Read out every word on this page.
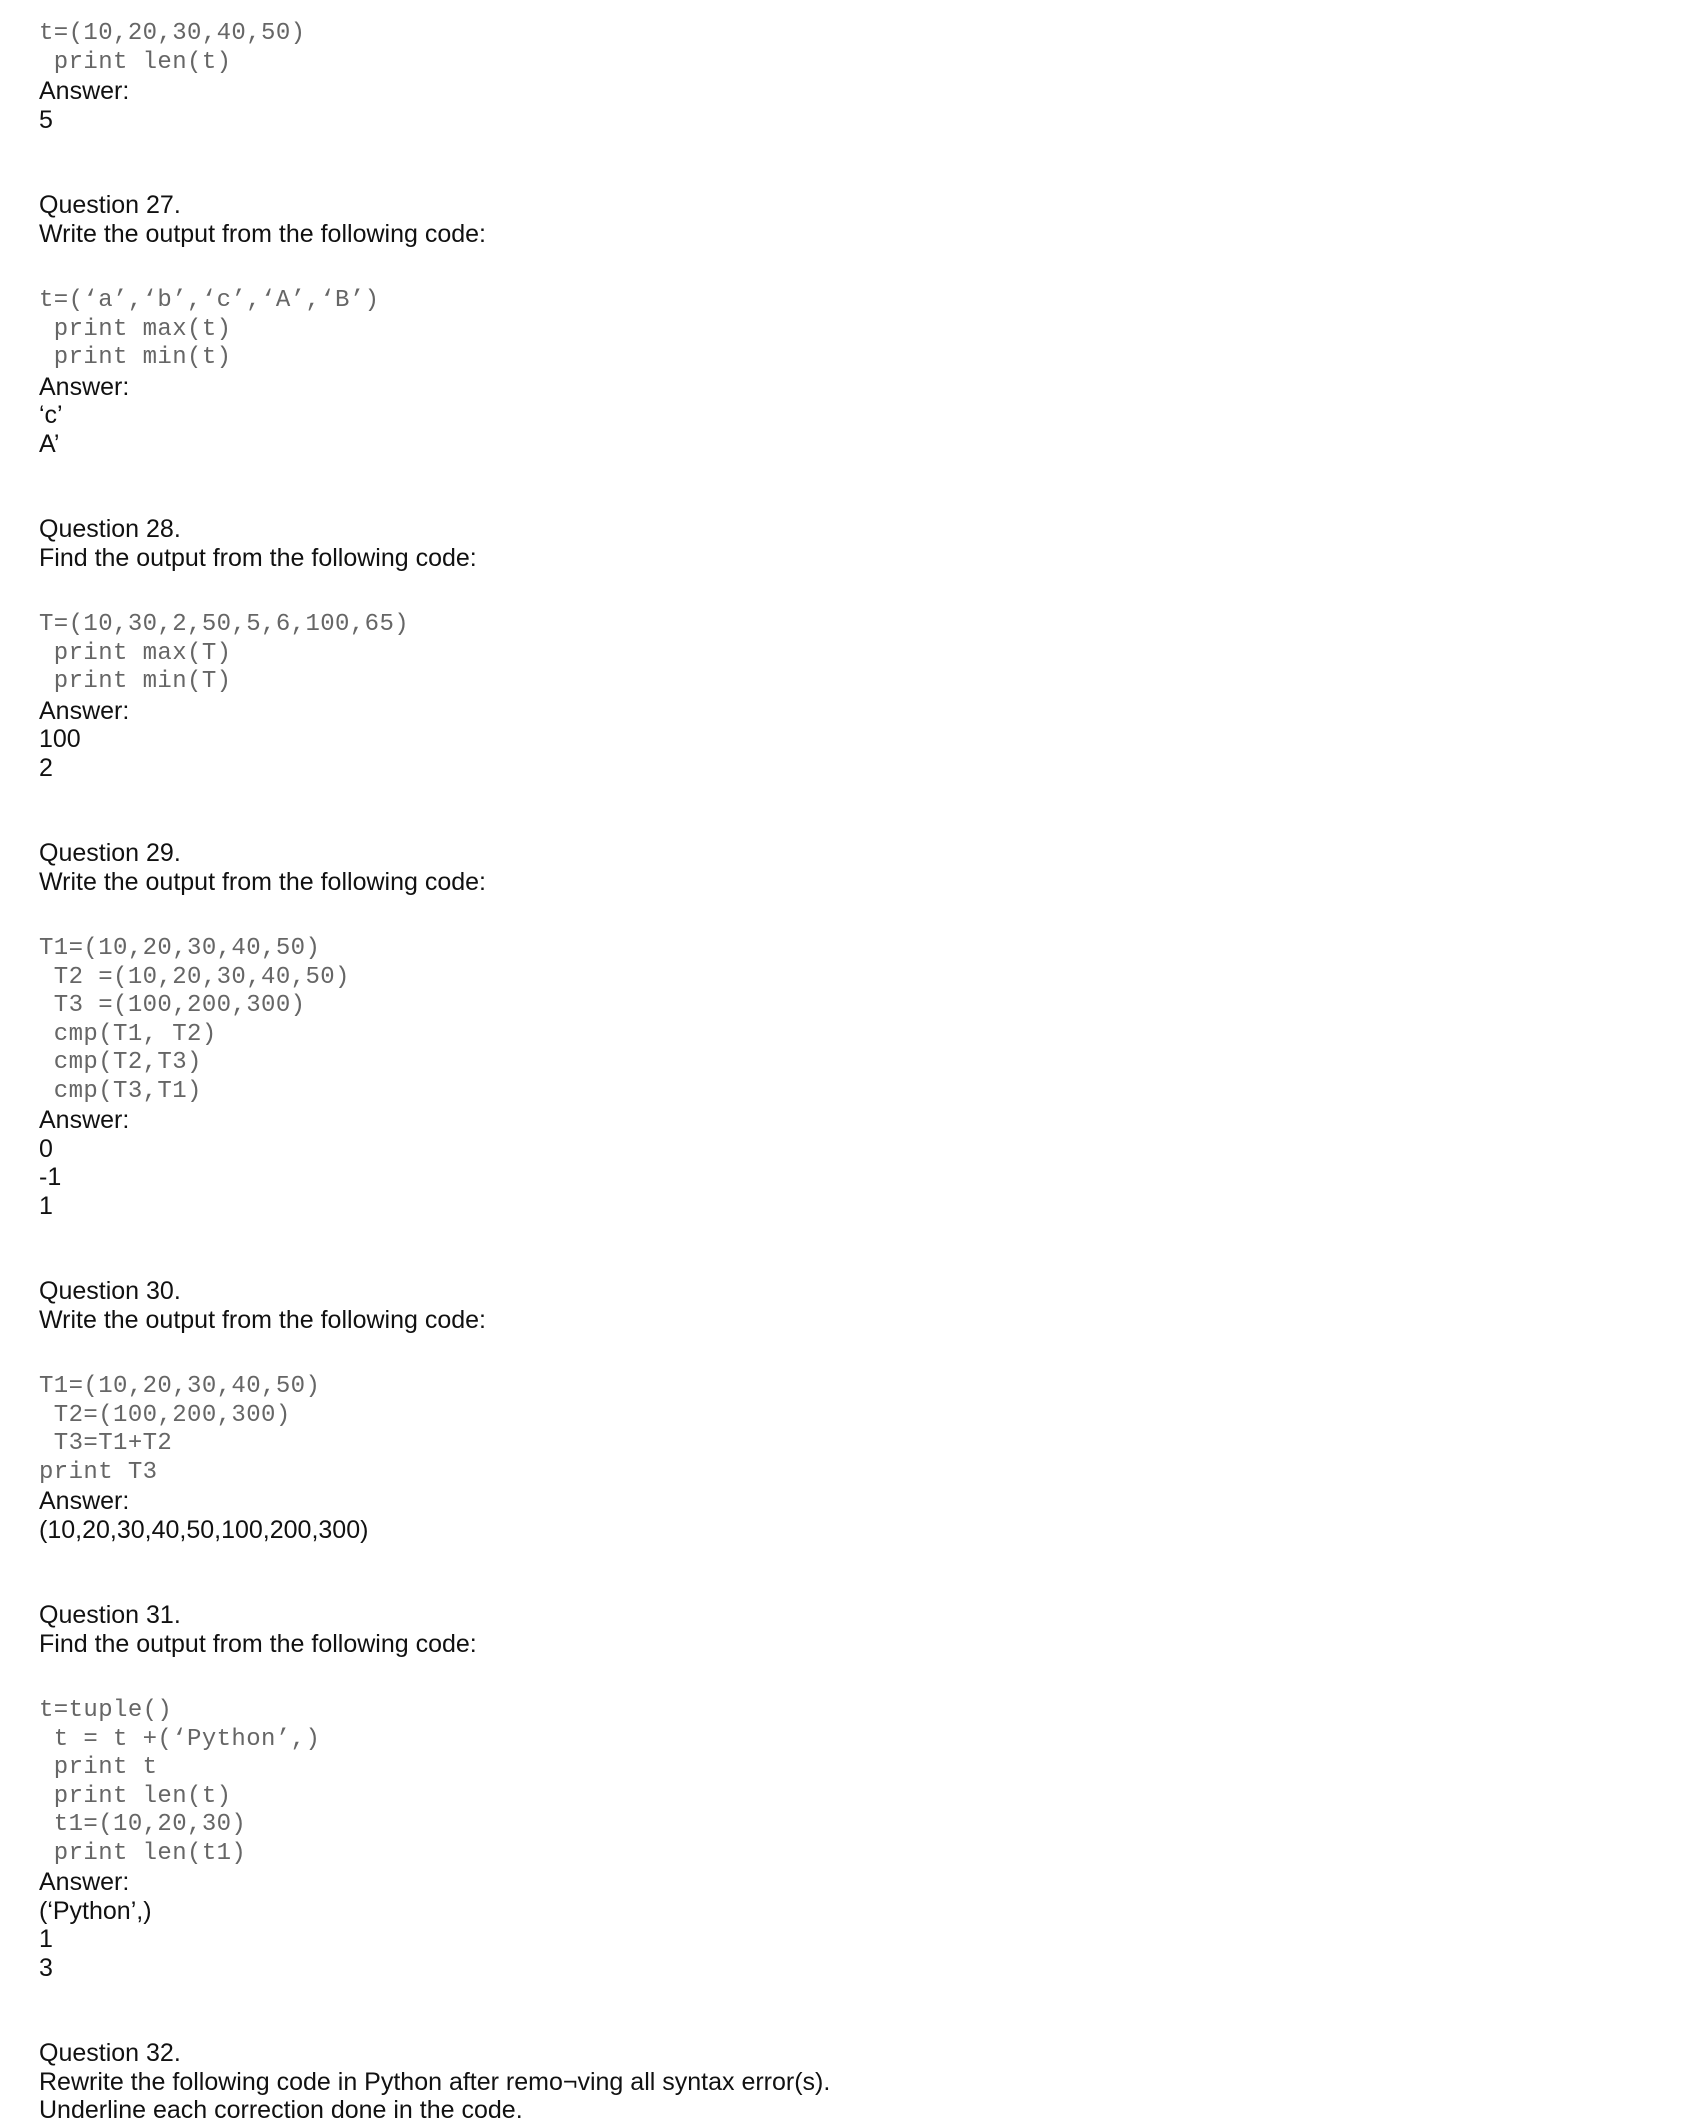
t=(10,20,30,40,50)
print len(t)
Answer:
5
Question 27.
Write the output from the following code:
t=(‘a’,‘b’,‘c’,‘A’,‘B’)
print max(t)
print min(t)
Answer:
‘c’
A’
Question 28.
Find the output from the following code:
T=(10,30,2,50,5,6,100,65)
print max(T)
print min(T)
Answer:
100
2
Question 29.
Write the output from the following code:
T1=(10,20,30,40,50)
T2 =(10,20,30,40,50)
T3 =(100,200,300)
cmp(T1, T2)
cmp(T2,T3)
cmp(T3,T1)
Answer:
0
-1
1
Question 30.
Write the output from the following code:
T1=(10,20,30,40,50)
T2=(100,200,300)
T3=T1+T2
print T3
Answer:
(10,20,30,40,50,100,200,300)
Question 31.
Find the output from the following code:
t=tuple()
t = t +(‘Python’,)
print t
print len(t)
t1=(10,20,30)
print len(t1)
Answer:
(‘Python’,)
1
3
Question 32.
Rewrite the following code in Python after remo¬ving all syntax error(s).
Underline each correction done in the code.
